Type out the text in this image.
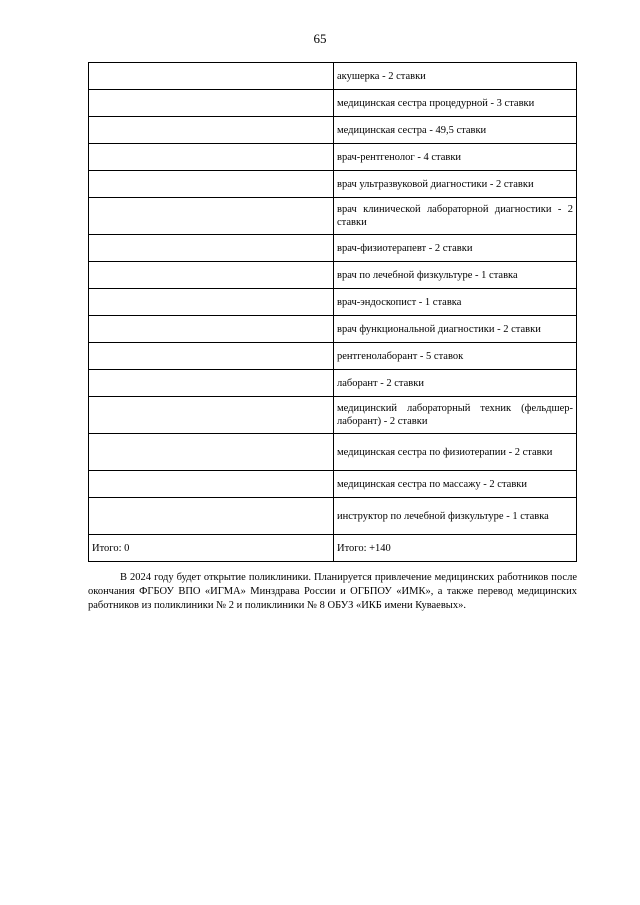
65
	акушерка - 2 ставки
	медицинская сестра процедурной - 3 ставки
	медицинская сестра - 49,5 ставки
	врач-рентгенолог - 4 ставки
	врач ультразвуковой диагностики - 2 ставки
	врач клинической лабораторной диагностики - 2 ставки
	врач-физиотерапевт - 2 ставки
	врач по лечебной физкультуре - 1 ставка
	врач-эндоскопист - 1 ставка
	врач функциональной диагностики - 2 ставки
	рентгенолаборант - 5 ставок
	лаборант - 2 ставки
	медицинский лабораторный техник (фельдшер-лаборант) - 2 ставки
	медицинская сестра по физиотерапии - 2 ставки
	медицинская сестра по массажу - 2 ставки
	инструктор по лечебной физкультуре - 1 ставка
Итого: 0	Итого: +140

В 2024 году будет открытие поликлиники. Планируется привлечение медицинских работников после окончания ФГБОУ ВПО «ИГМА» Минздрава России и ОГБПОУ «ИМК», а также перевод медицинских работников из поликлиники № 2 и поликлиники № 8 ОБУЗ «ИКБ имени Куваевых».
